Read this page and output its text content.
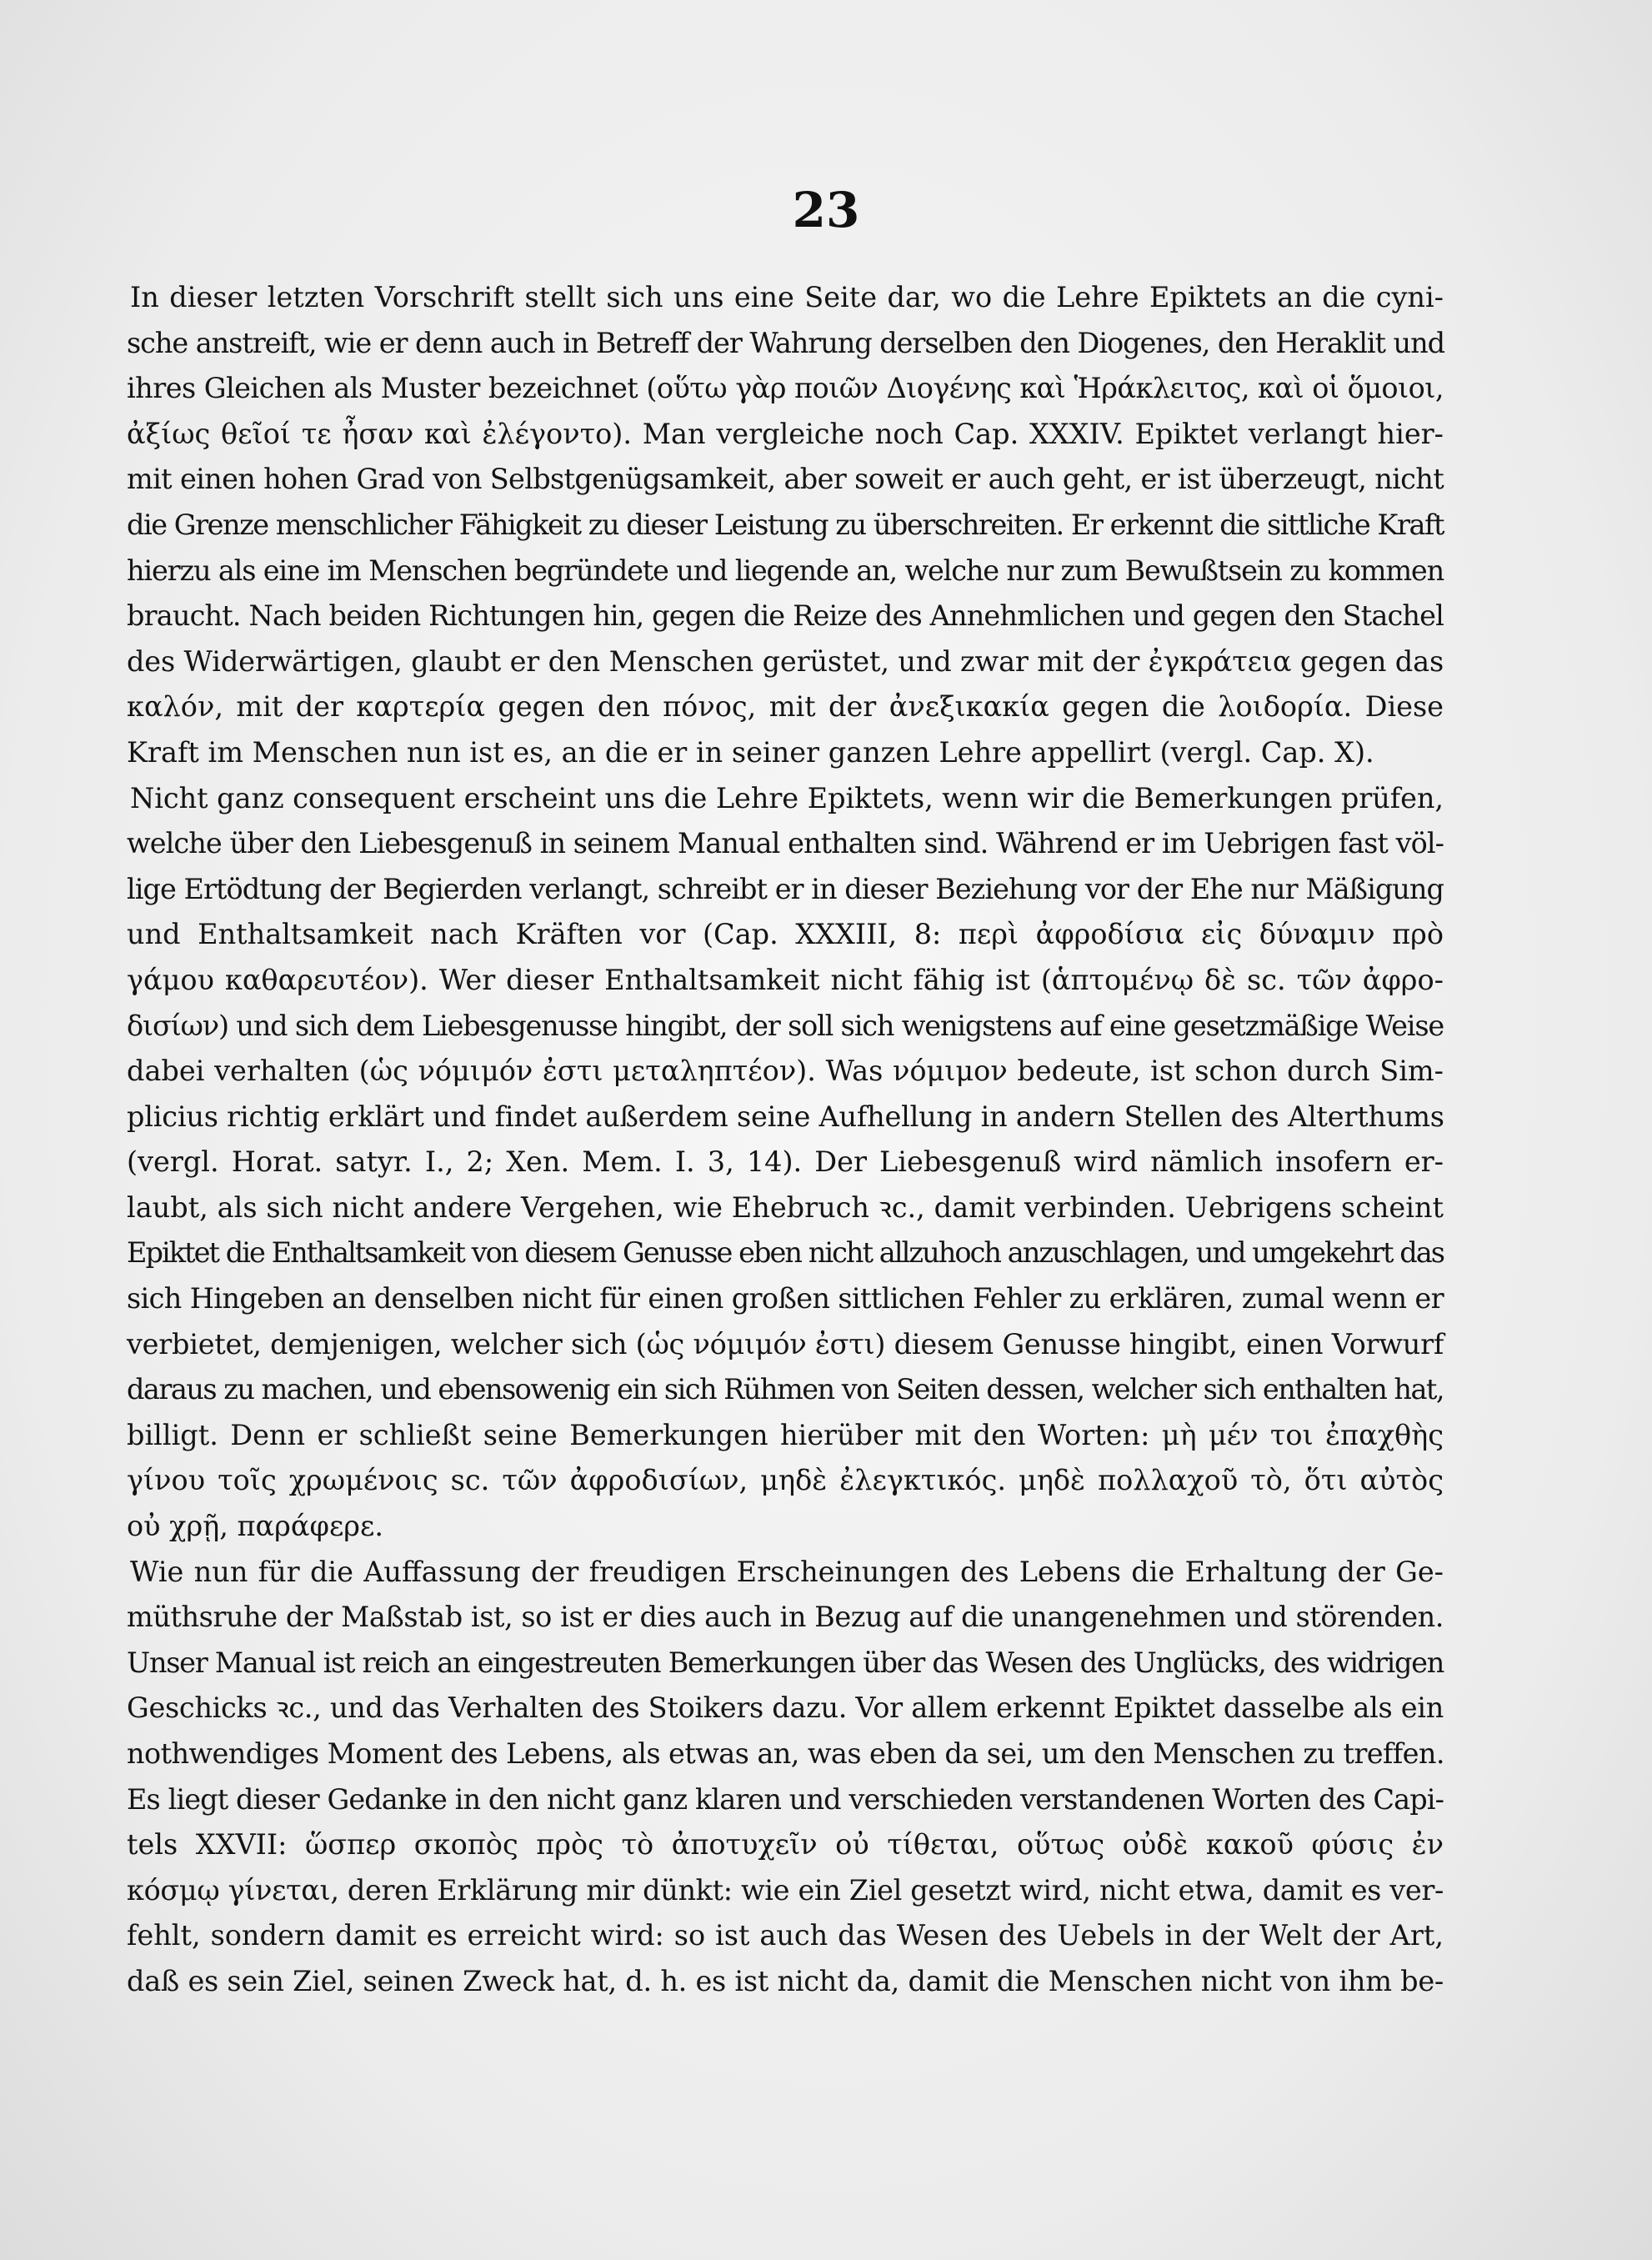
23

In dieser letzten Vorschrift stellt sich uns eine Seite dar, wo die Lehre Epiktets an die cyni-
sche anstreift, wie er denn auch in Betreff der Wahrung derselben den Diogenes, den Heraklit und
ihres Gleichen als Muster bezeichnet (οὕτω γὰρ ποιῶν Διογένης καὶ Ἡράκλειτος, καὶ οἱ ὅμοιοι,
ἀξίως θεῖοί τε ἦσαν καὶ ἐλέγοντο). Man vergleiche noch Cap. XXXIV. Epiktet verlangt hier-
mit einen hohen Grad von Selbstgenügsamkeit, aber soweit er auch geht, er ist überzeugt, nicht
die Grenze menschlicher Fähigkeit zu dieser Leistung zu überschreiten. Er erkennt die sittliche Kraft
hierzu als eine im Menschen begründete und liegende an, welche nur zum Bewußtsein zu kommen
braucht. Nach beiden Richtungen hin, gegen die Reize des Annehmlichen und gegen den Stachel
des Widerwärtigen, glaubt er den Menschen gerüstet, und zwar mit der ἐγκράτεια gegen das
καλόν, mit der καρτερία gegen den πόνος, mit der ἀνεξικακία gegen die λοιδορία. Diese
Kraft im Menschen nun ist es, an die er in seiner ganzen Lehre appellirt (vergl. Cap. X).

Nicht ganz consequent erscheint uns die Lehre Epiktets, wenn wir die Bemerkungen prüfen,
welche über den Liebesgenuß in seinem Manual enthalten sind. Während er im Uebrigen fast völ-
lige Ertödtung der Begierden verlangt, schreibt er in dieser Beziehung vor der Ehe nur Mäßigung
und Enthaltsamkeit nach Kräften vor (Cap. XXXIII, 8: περὶ ἀφροδίσια εἰς δύναμιν πρὸ
γάμου καθαρευτέον). Wer dieser Enthaltsamkeit nicht fähig ist (ἁπτομένῳ δὲ sc. τῶν ἀφρο-
δισίων) und sich dem Liebesgenusse hingibt, der soll sich wenigstens auf eine gesetzmäßige Weise
dabei verhalten (ὡς νόμιμόν ἐστι μεταληπτέον). Was νόμιμον bedeute, ist schon durch Sim-
plicius richtig erklärt und findet außerdem seine Aufhellung in andern Stellen des Alterthums
(vergl. Horat. satyr. I., 2; Xen. Mem. I. 3, 14). Der Liebesgenuß wird nämlich insofern er-
laubt, als sich nicht andere Vergehen, wie Ehebruch ꝛc., damit verbinden. Uebrigens scheint
Epiktet die Enthaltsamkeit von diesem Genusse eben nicht allzuhoch anzuschlagen, und umgekehrt das
sich Hingeben an denselben nicht für einen großen sittlichen Fehler zu erklären, zumal wenn er
verbietet, demjenigen, welcher sich (ὡς νόμιμόν ἐστι) diesem Genusse hingibt, einen Vorwurf
daraus zu machen, und ebensowenig ein sich Rühmen von Seiten dessen, welcher sich enthalten hat,
billigt. Denn er schließt seine Bemerkungen hierüber mit den Worten: μὴ μέν τοι ἐπαχθὴς
γίνου τοῖς χρωμένοις sc. τῶν ἀφροδισίων, μηδὲ ἐλεγκτικός. μηδὲ πολλαχοῦ τὸ, ὅτι αὐτὸς
οὐ χρῇ, παράφερε.

Wie nun für die Auffassung der freudigen Erscheinungen des Lebens die Erhaltung der Ge-
müthsruhe der Maßstab ist, so ist er dies auch in Bezug auf die unangenehmen und störenden.
Unser Manual ist reich an eingestreuten Bemerkungen über das Wesen des Unglücks, des widrigen
Geschicks ꝛc., und das Verhalten des Stoikers dazu. Vor allem erkennt Epiktet dasselbe als ein
nothwendiges Moment des Lebens, als etwas an, was eben da sei, um den Menschen zu treffen.
Es liegt dieser Gedanke in den nicht ganz klaren und verschieden verstandenen Worten des Capi-
tels XXVII: ὥσπερ σκοπὸς πρὸς τὸ ἀποτυχεῖν οὐ τίθεται, οὕτως οὐδὲ κακοῦ φύσις ἐν
κόσμῳ γίνεται, deren Erklärung mir dünkt: wie ein Ziel gesetzt wird, nicht etwa, damit es ver-
fehlt, sondern damit es erreicht wird: so ist auch das Wesen des Uebels in der Welt der Art,
daß es sein Ziel, seinen Zweck hat, d. h. es ist nicht da, damit die Menschen nicht von ihm be-
